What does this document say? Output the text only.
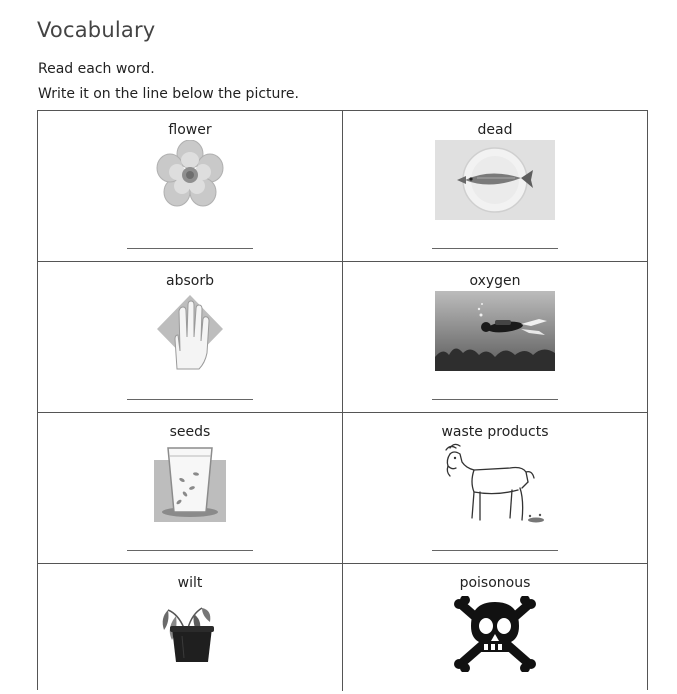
Vocabulary
Read each word.
Write it on the line below the picture.
flower	dead
absorb	oxygen
seeds	waste products
wilt	poisonous
